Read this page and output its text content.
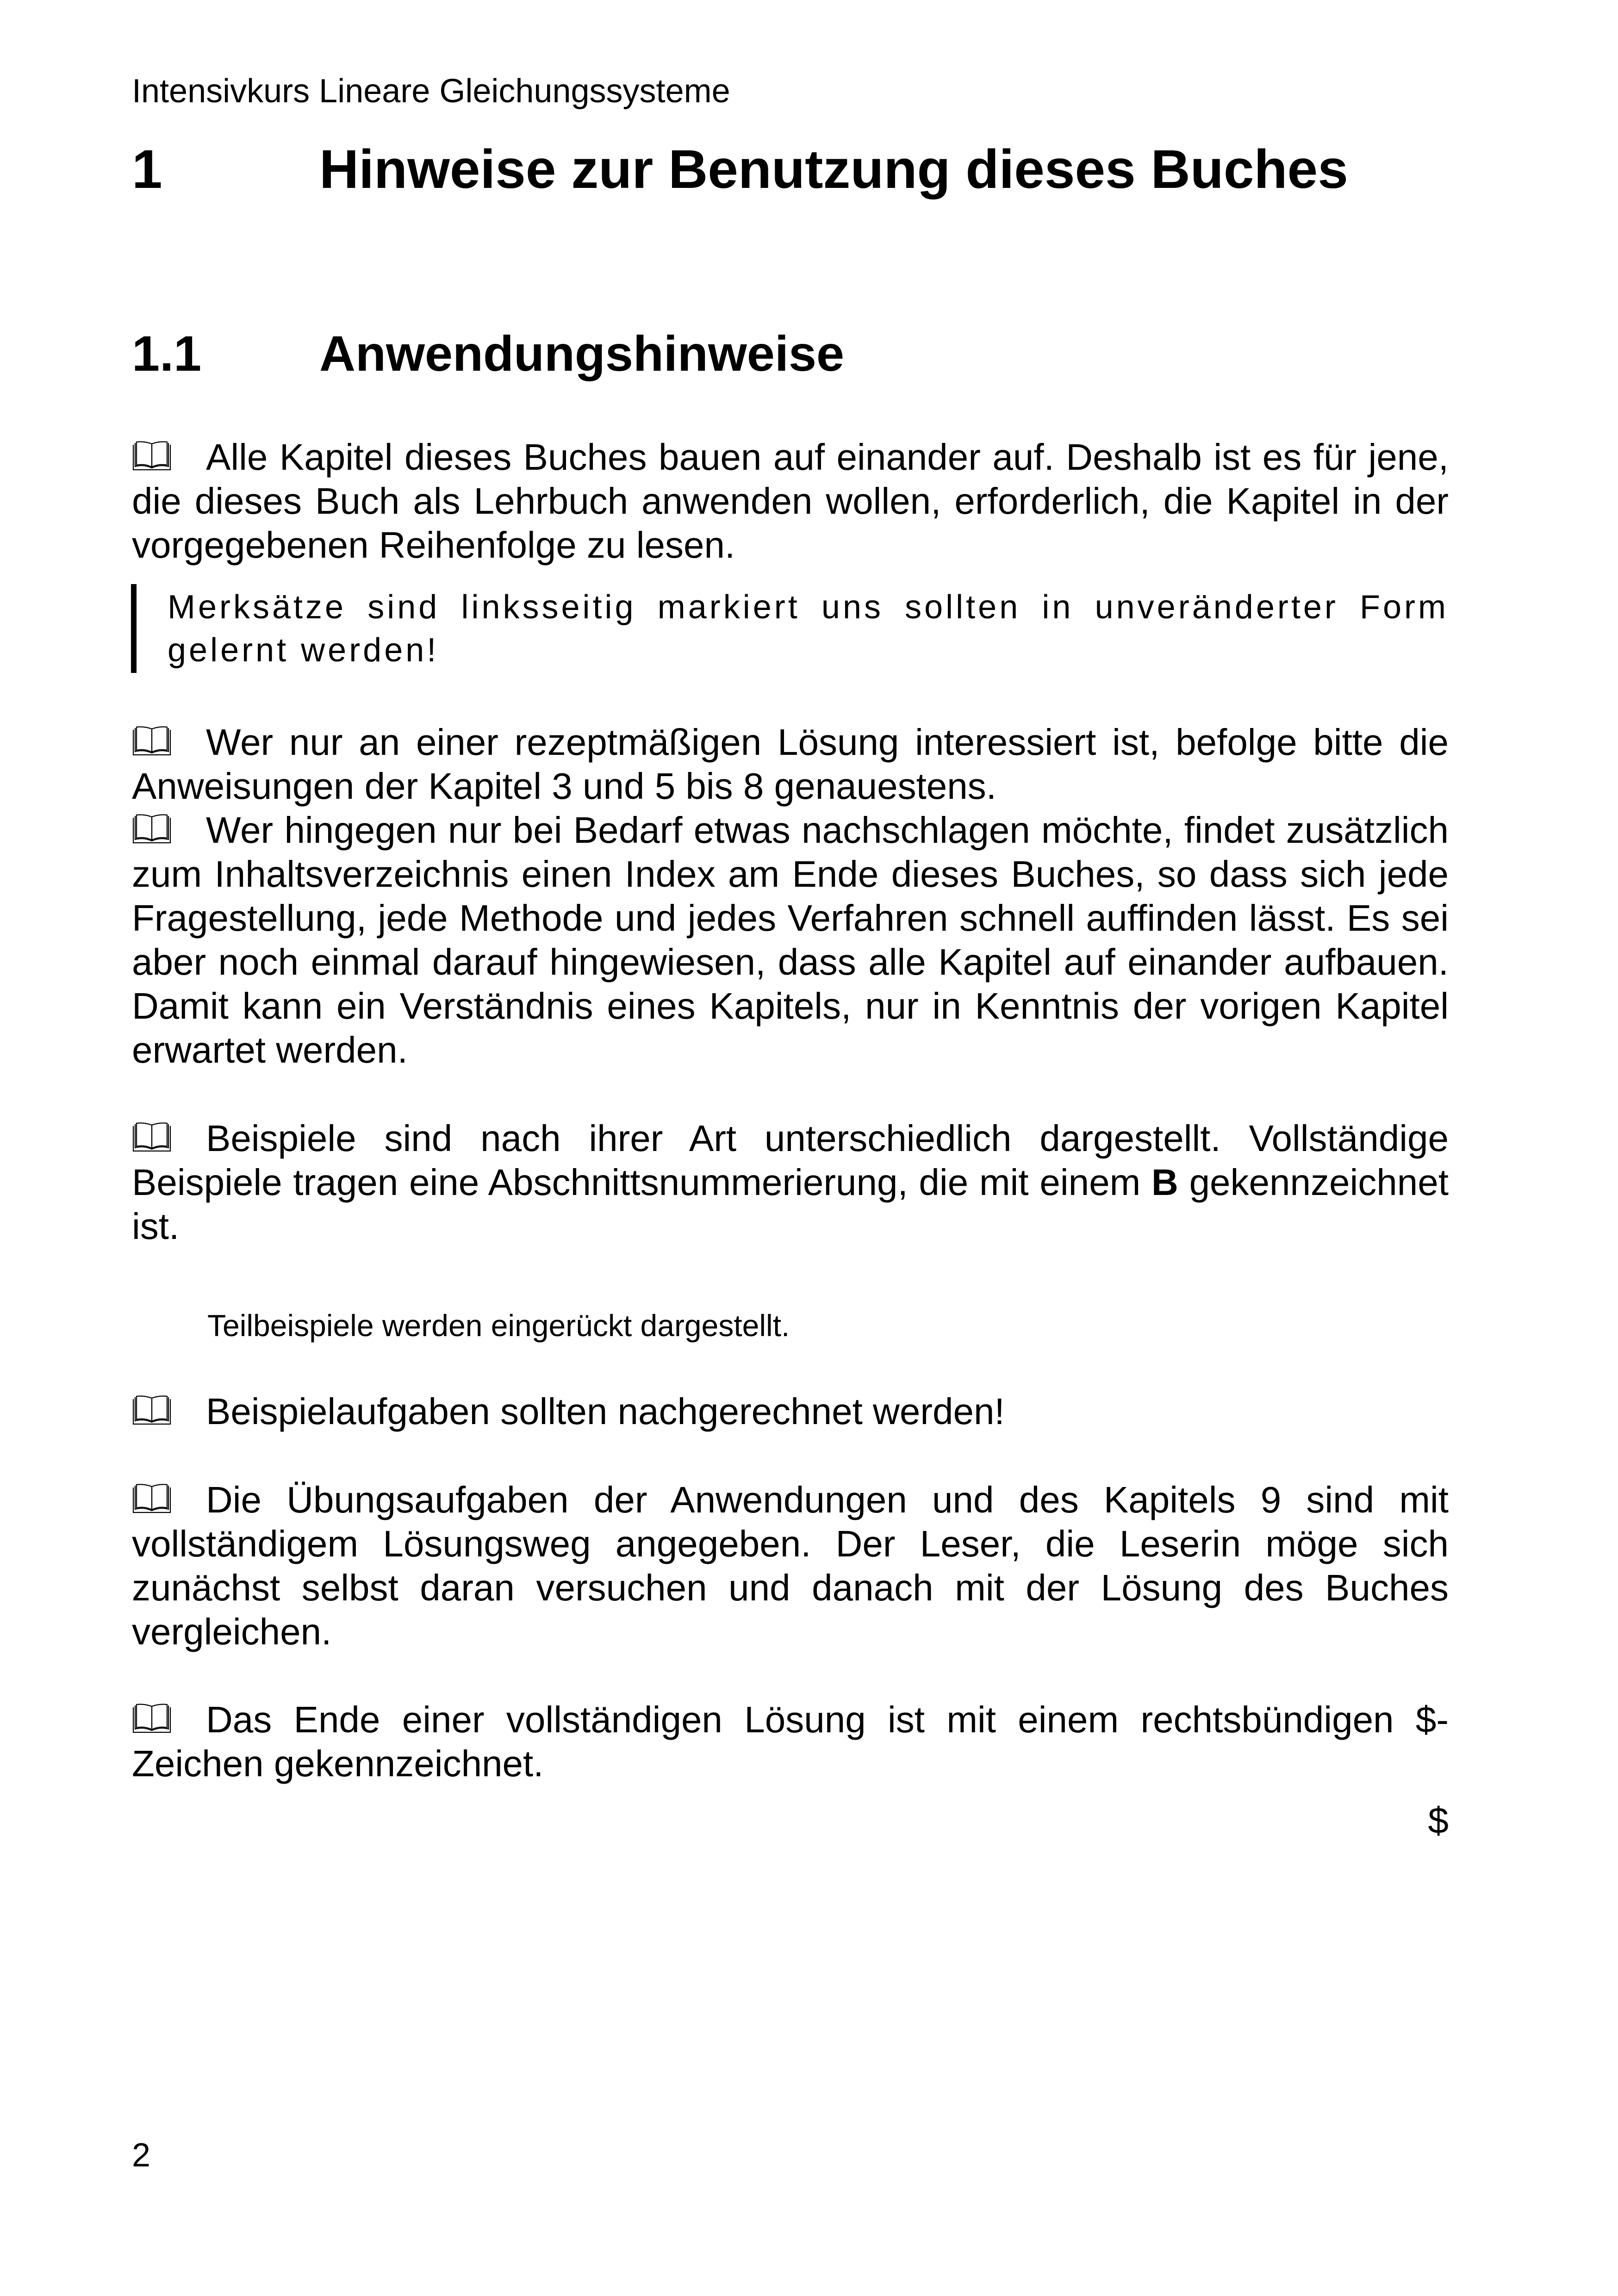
Intensivkurs Lineare Gleichungssysteme
1	Hinweise zur Benutzung dieses Buches
1.1 Anwendungshinweise
Alle Kapitel dieses Buches bauen auf einander auf. Deshalb ist es für jene, die dieses Buch als Lehrbuch anwenden wollen, erforderlich, die Kapitel in der vorgegebenen Reihenfolge zu lesen.
Merksätze sind linksseitig markiert uns sollten in unveränderter Form gelernt werden!
Wer nur an einer rezeptmäßigen Lösung interessiert ist, befolge bitte die Anweisungen der Kapitel 3 und 5 bis 8 genauestens.
Wer hingegen nur bei Bedarf etwas nachschlagen möchte, findet zusätzlich zum Inhaltsverzeichnis einen Index am Ende dieses Buches, so dass sich jede Fragestellung, jede Methode und jedes Verfahren schnell auffinden lässt. Es sei aber noch einmal darauf hingewiesen, dass alle Kapitel auf einander aufbauen. Damit kann ein Verständnis eines Kapitels, nur in Kenntnis der vorigen Kapitel erwartet werden.
Beispiele sind nach ihrer Art unterschiedlich dargestellt. Vollständige Beispiele tragen eine Abschnittsnummerierung, die mit einem B gekennzeichnet ist.
Teilbeispiele werden eingerückt dargestellt.
Beispielaufgaben sollten nachgerechnet werden!
Die Übungsaufgaben der Anwendungen und des Kapitels 9 sind mit vollständigem Lösungsweg angegeben. Der Leser, die Leserin möge sich zunächst selbst daran versuchen und danach mit der Lösung des Buches vergleichen.
Das Ende einer vollständigen Lösung ist mit einem rechtsbündigen $-Zeichen gekennzeichnet.
$
2
